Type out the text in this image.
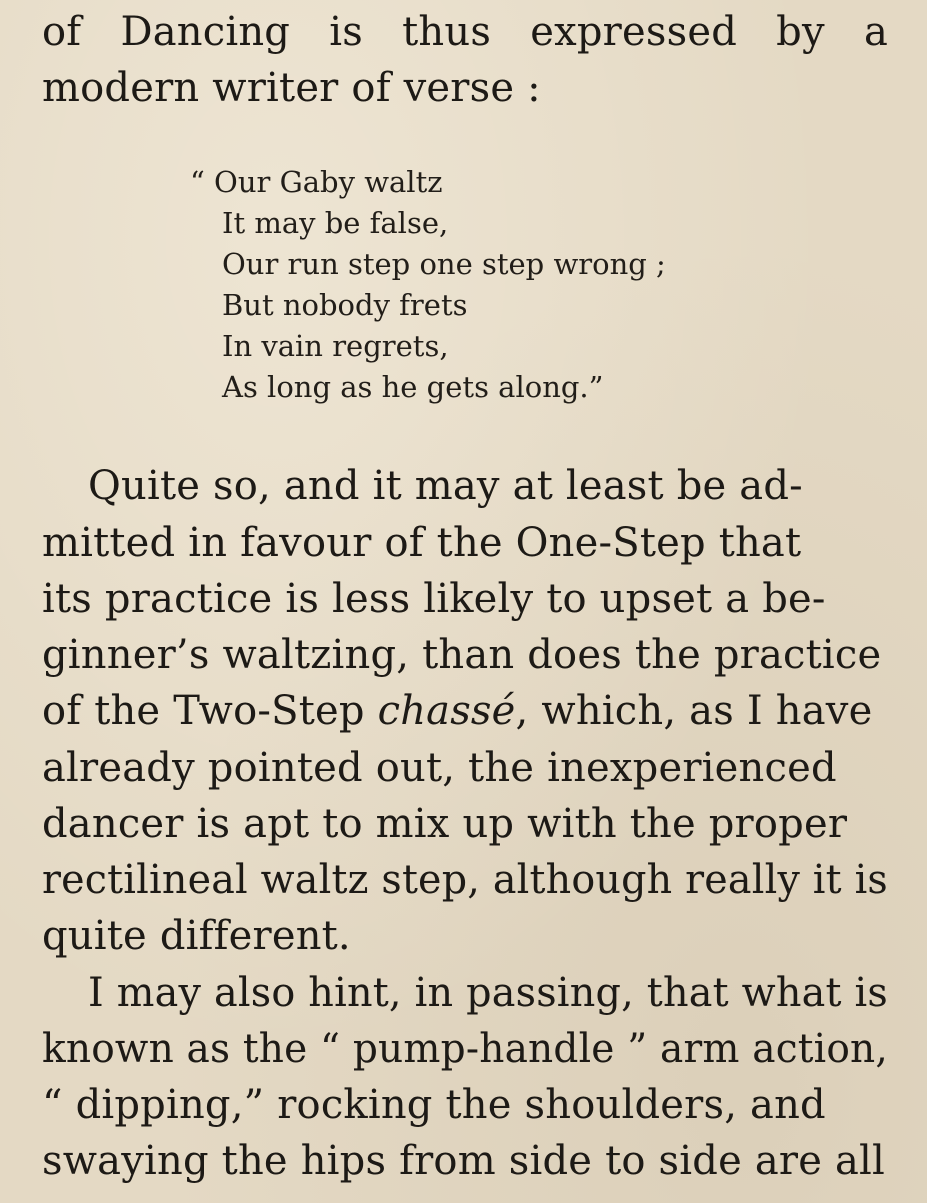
of Dancing is thus expressed by a
modern writer of verse :
“ Our Gaby waltz
It may be false,
Our run step one step wrong ;
But nobody frets
In vain regrets,
As long as he gets along.”
Quite so, and it may at least be ad-
mitted in favour of the One-Step that
its practice is less likely to upset a be-
ginner’s waltzing, than does the practice
of the Two-Step chassé, which, as I have
already pointed out, the inexperienced
dancer is apt to mix up with the proper
rectilineal waltz step, although really it is
quite different.
I may also hint, in passing, that what is
known as the “ pump-handle ” arm action,
“ dipping,” rocking the shoulders, and
swaying the hips from side to side are all
